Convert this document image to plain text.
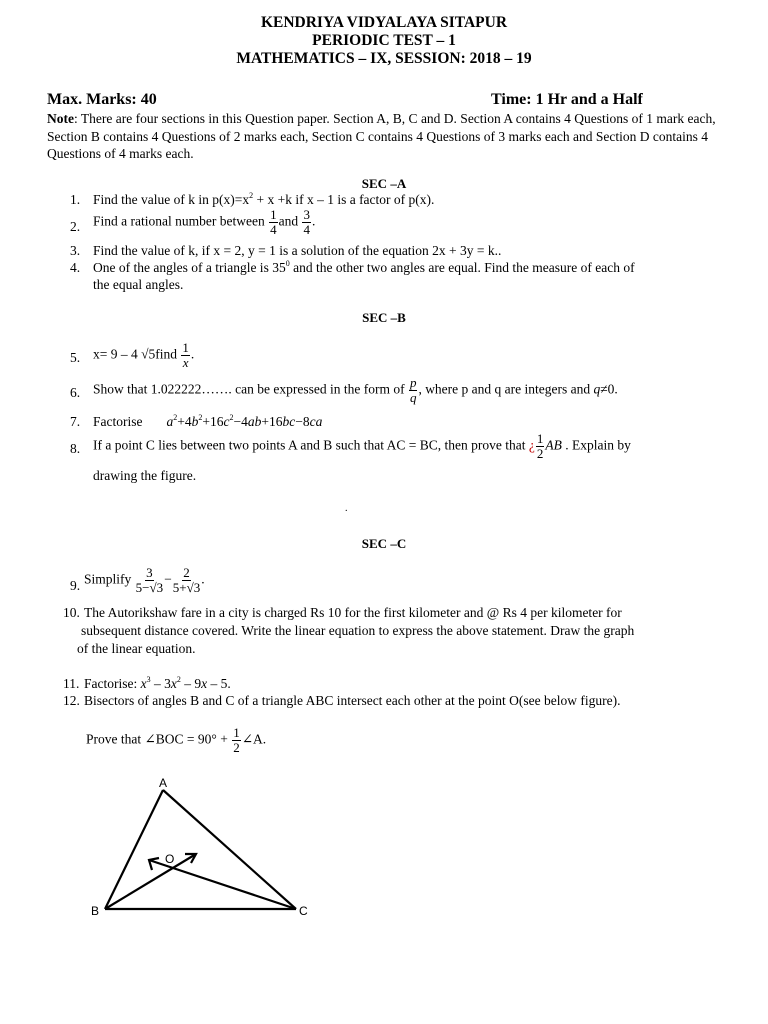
KENDRIYA VIDYALAYA SITAPUR
PERIODIC TEST – 1
MATHEMATICS – IX, SESSION: 2018 – 19
Max. Marks: 40	Time: 1 Hr and a Half
Note: There are four sections in this Question paper. Section A, B, C and D. Section A contains 4 Questions of 1 mark each, Section B contains 4 Questions of 2 marks each, Section C contains 4 Questions of 3 marks each and Section D contains 4 Questions of 4 marks each.
SEC –A
1. Find the value of k in $p(x)=x^2 + x +k$ if x – 1 is a factor of p(x).
2. Find a rational number between $\frac{1}{4}$ and $\frac{3}{4}$ .
3. Find the value of k, if x = 2, y = 1 is a solution of the equation 2x + 3y = k..
4. One of the angles of a triangle is $35^0$ and the other two angles are equal. Find the measure of each of
the equal angles.
SEC –B
5. x= 9 – 4 √5find $\frac{1}{x}$ .
6. Show that 1.022222……. can be expressed in the form of $\frac{p}{q}$ , where p and q are integers and q≠0.
7. Factorise $a^2+4b^2+16c^2-4ab+16bc-8ca$
8. If a point C lies between two points A and B such that AC = BC, then prove that ¿ $\frac{1}{2}$ AB . Explain by
drawing the figure.
.
SEC –C
9. Simplify $\frac{3}{5-√3} - \frac{2}{5+√3}$ .
10. The Autorikshaw fare in a city is charged Rs 10 for the first kilometer and @ Rs 4 per kilometer for
subsequent distance covered. Write the linear equation to express the above statement. Draw the graph
of the linear equation.
11. Factorise: $x^3 - 3x^2 - 9x - 5$.
12. Bisectors of angles B and C of a triangle ABC intersect each other at the point O(see below figure).
Prove that ∠BOC = $90^\circ + \frac{1}{2}$ ∠A.
A
B	C
O
